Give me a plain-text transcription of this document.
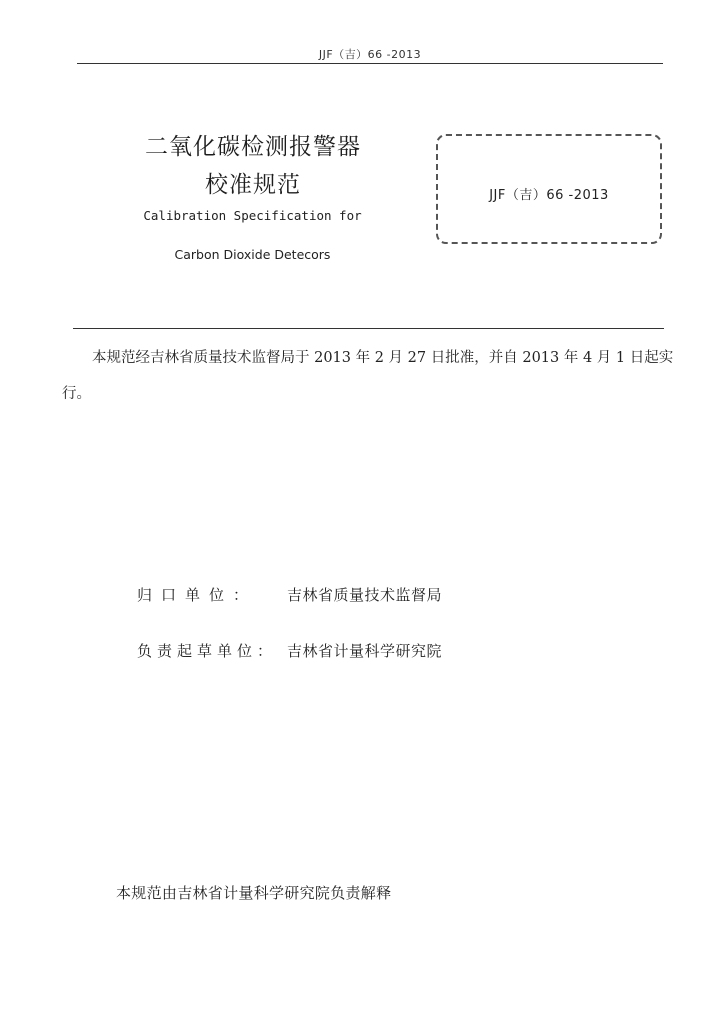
JJF（吉）66 -2013
二氧化碳检测报警器
校准规范
Calibration Specification for
Carbon Dioxide Detecors
JJF（吉）66 -2013
本规范经吉林省质量技术监督局于 2013 年 2 月 27 日批准，并自 2013 年 4 月 1 日起实行。
归口单位： 吉林省质量技术监督局
负责起草单位： 吉林省计量科学研究院
本规范由吉林省计量科学研究院负责解释
